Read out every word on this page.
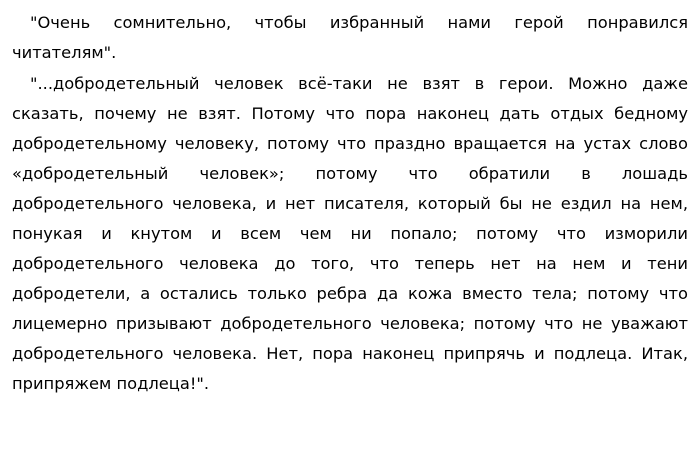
"Очень сомнительно, чтобы избранный нами герой понравился читателям".

"...добродетельный человек всё-таки не взят в герои. Можно даже сказать, почему не взят. Потому что пора наконец дать отдых бедному добродетельному человеку, потому что праздно вращается на устах слово «добродетельный человек»; потому что обратили в лошадь добродетельного человека, и нет писателя, который бы не ездил на нем, понукая и кнутом и всем чем ни попало; потому что изморили добродетельного человека до того, что теперь нет на нем и тени добродетели, а остались только ребра да кожа вместо тела; потому что лицемерно призывают добродетельного человека; потому что не уважают добродетельного человека. Нет, пора наконец припрячь и подлеца. Итак, припряжем подлеца!".
